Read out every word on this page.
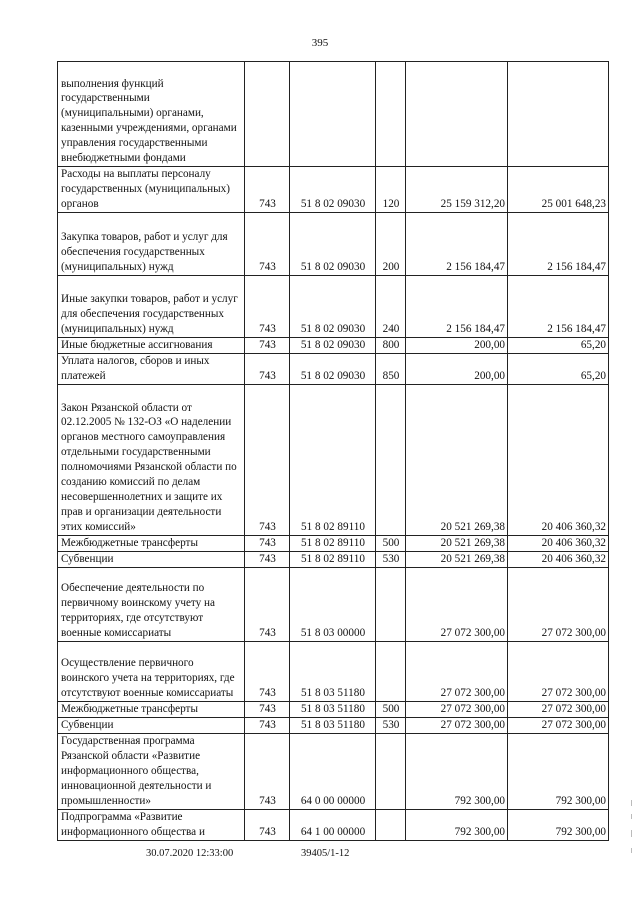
395
выполнения функций государственными (муниципальными) органами, казенными учреждениями, органами управления государственными внебюджетными фондами					
Расходы на выплаты персоналу государственных (муниципальных) органов	743	51 8 02 09030	120	25 159 312,20	25 001 648,23
Закупка товаров, работ и услуг для обеспечения государственных (муниципальных) нужд	743	51 8 02 09030	200	2 156 184,47	2 156 184,47
Иные закупки товаров, работ и услуг для обеспечения государственных (муниципальных) нужд	743	51 8 02 09030	240	2 156 184,47	2 156 184,47
Иные бюджетные ассигнования	743	51 8 02 09030	800	200,00	65,20
Уплата налогов, сборов и иных платежей	743	51 8 02 09030	850	200,00	65,20
Закон Рязанской области от 02.12.2005 № 132-ОЗ «О наделении органов местного самоуправления отдельными государственными полномочиями Рязанской области по созданию комиссий по делам несовершеннолетних и защите их прав и организации деятельности этих комиссий»	743	51 8 02 89110		20 521 269,38	20 406 360,32
Межбюджетные трансферты	743	51 8 02 89110	500	20 521 269,38	20 406 360,32
Субвенции	743	51 8 02 89110	530	20 521 269,38	20 406 360,32
Обеспечение деятельности по первичному воинскому учету на территориях, где отсутствуют военные комиссариаты	743	51 8 03 00000		27 072 300,00	27 072 300,00
Осуществление первичного воинского учета на территориях, где отсутствуют военные комиссариаты	743	51 8 03 51180		27 072 300,00	27 072 300,00
Межбюджетные трансферты	743	51 8 03 51180	500	27 072 300,00	27 072 300,00
Субвенции	743	51 8 03 51180	530	27 072 300,00	27 072 300,00
Государственная программа Рязанской области «Развитие информационного общества, инновационной деятельности и промышленности»	743	64 0 00 00000		792 300,00	792 300,00
Подпрограмма «Развитие информационного общества и	743	64 1 00 00000		792 300,00	792 300,00
30.07.2020 12:33:00	39405/1-12
